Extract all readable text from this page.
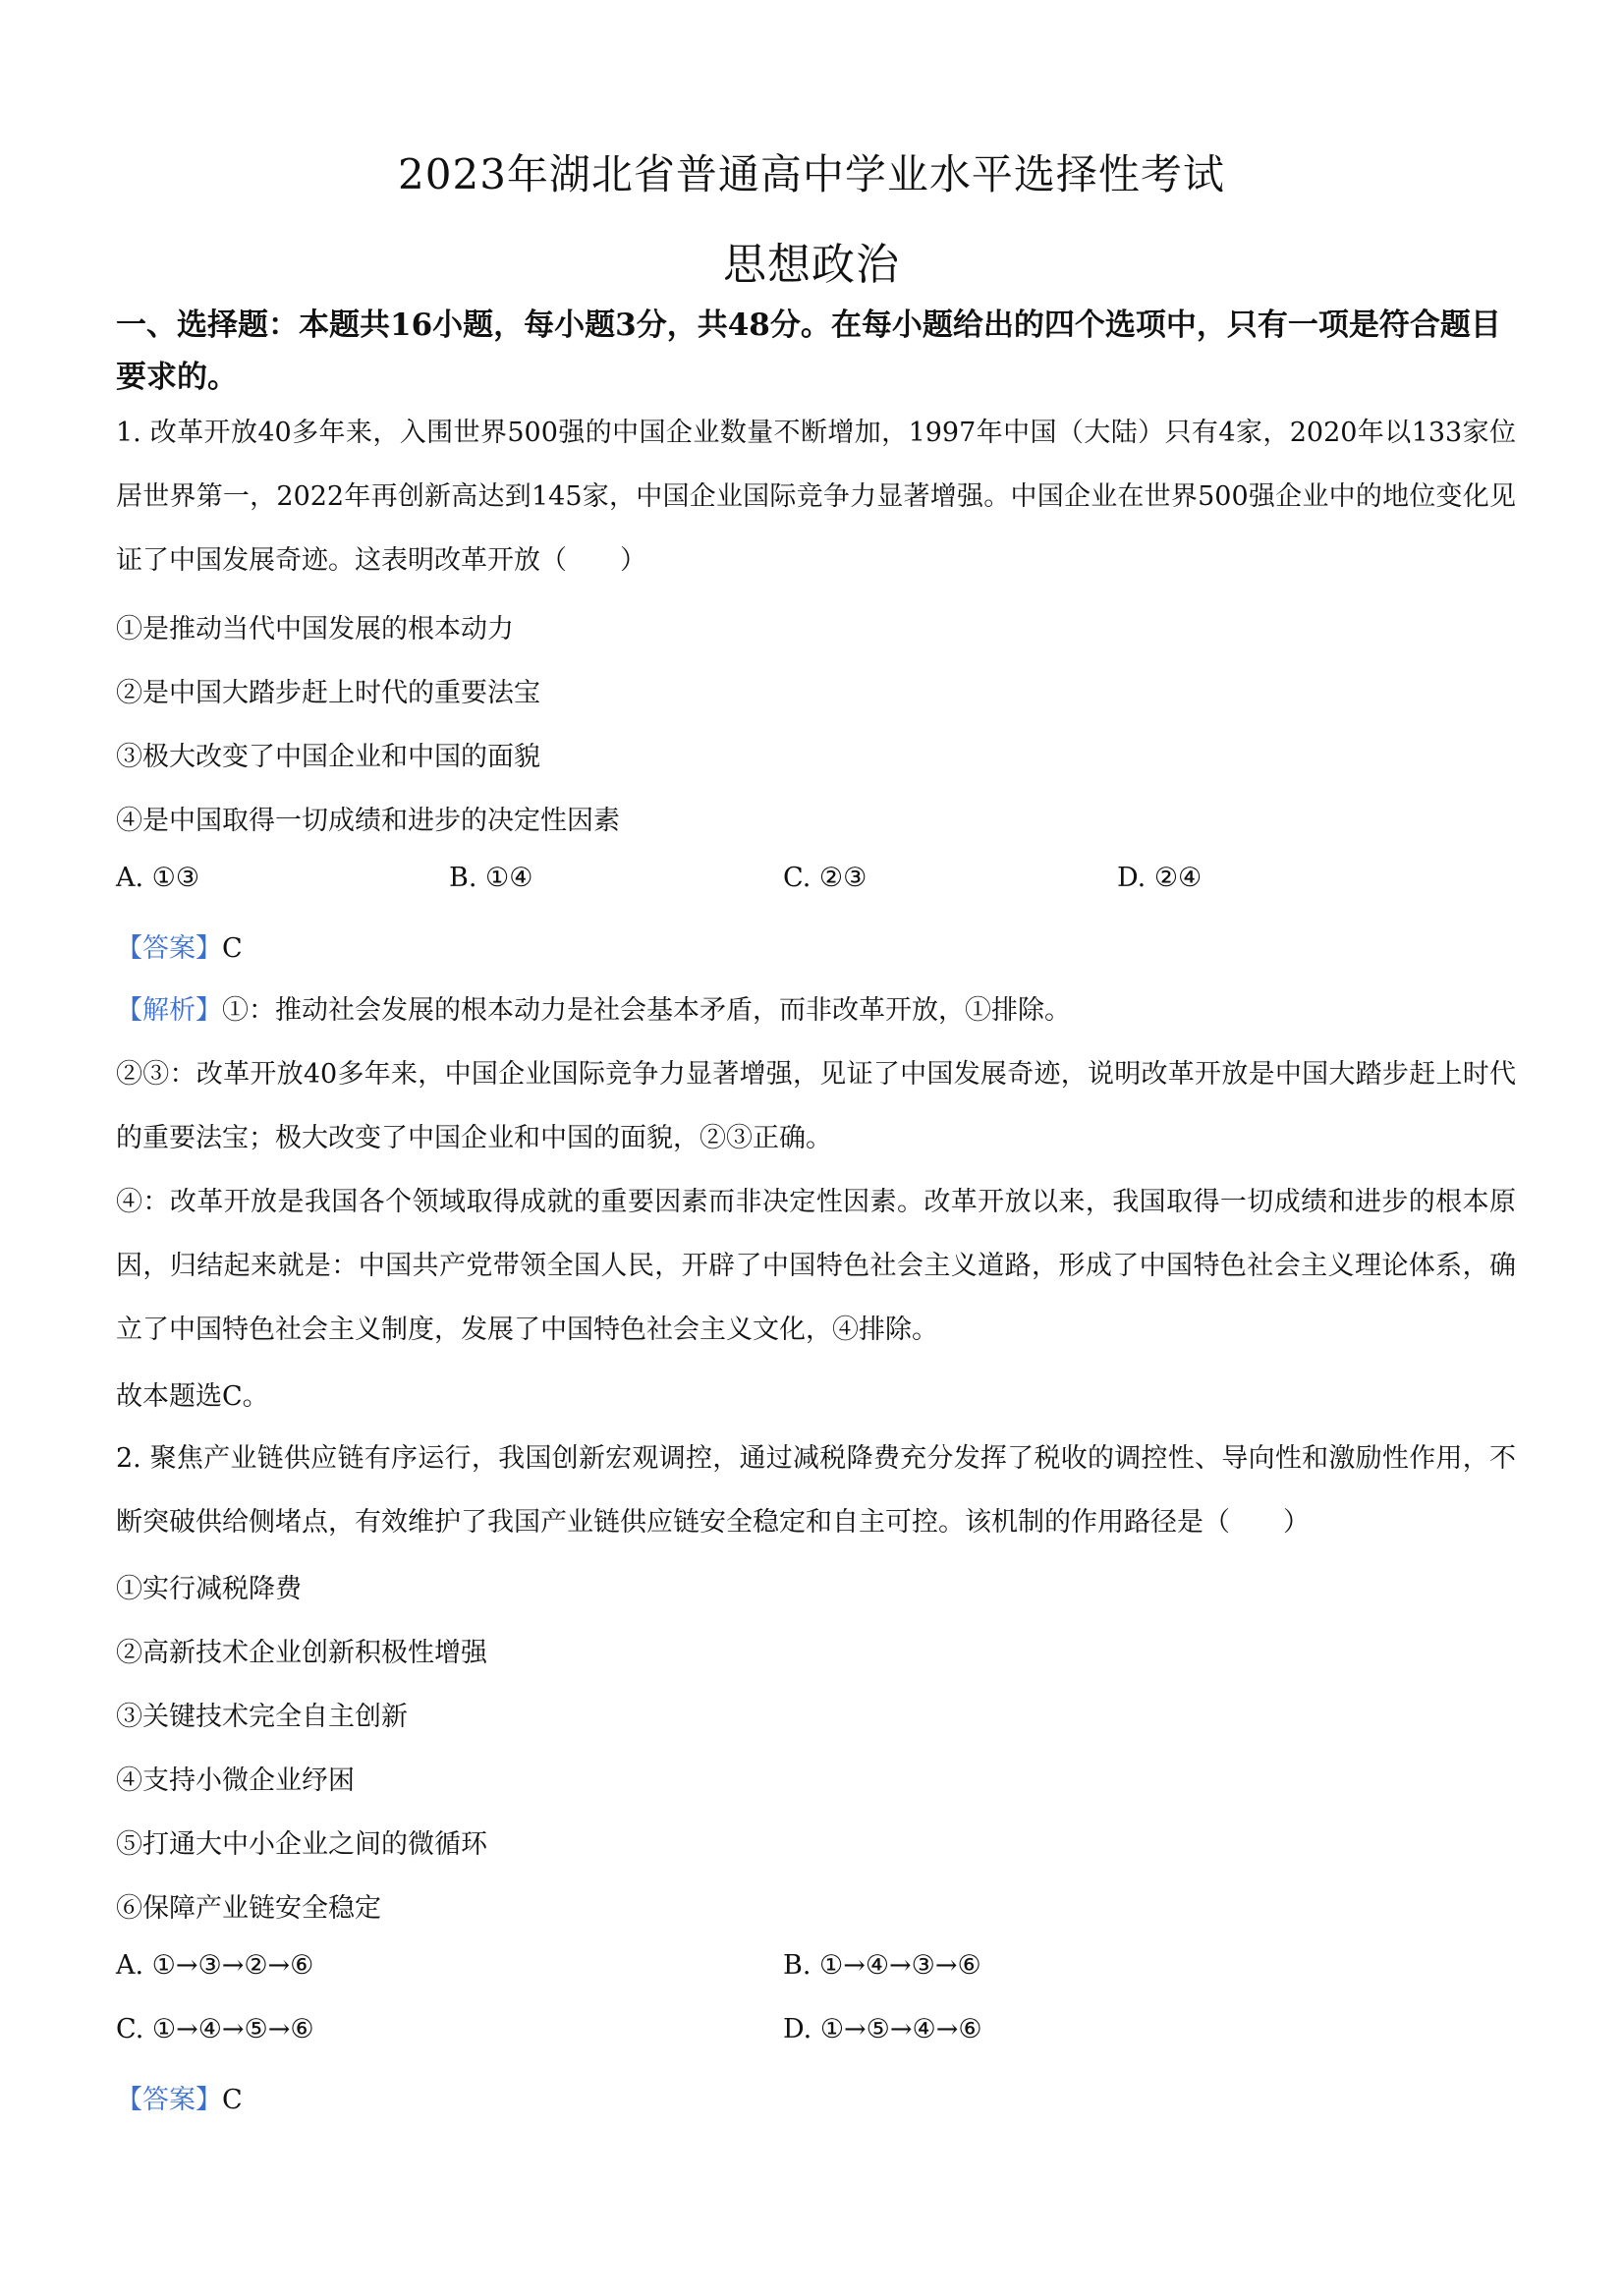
2023年湖北省普通高中学业水平选择性考试
思想政治
一、选择题：本题共16小题，每小题3分，共48分。在每小题给出的四个选项中，只有一项是符合题目要求的。
1. 改革开放40多年来，入围世界500强的中国企业数量不断增加，1997年中国（大陆）只有4家，2020年以133家位居世界第一，2022年再创新高达到145家，中国企业国际竞争力显著增强。中国企业在世界500强企业中的地位变化见证了中国发展奇迹。这表明改革开放（　　）
①是推动当代中国发展的根本动力
②是中国大踏步赶上时代的重要法宝
③极大改变了中国企业和中国的面貌
④是中国取得一切成绩和进步的决定性因素
A. ①③	B. ①④	C. ②③	D. ②④
【答案】C
【解析】①：推动社会发展的根本动力是社会基本矛盾，而非改革开放，①排除。
②③：改革开放40多年来，中国企业国际竞争力显著增强，见证了中国发展奇迹，说明改革开放是中国大踏步赶上时代的重要法宝；极大改变了中国企业和中国的面貌，②③正确。
④：改革开放是我国各个领域取得成就的重要因素而非决定性因素。改革开放以来，我国取得一切成绩和进步的根本原因，归结起来就是：中国共产党带领全国人民，开辟了中国特色社会主义道路，形成了中国特色社会主义理论体系，确立了中国特色社会主义制度，发展了中国特色社会主义文化，④排除。
故本题选C。
2. 聚焦产业链供应链有序运行，我国创新宏观调控，通过减税降费充分发挥了税收的调控性、导向性和激励性作用，不断突破供给侧堵点，有效维护了我国产业链供应链安全稳定和自主可控。该机制的作用路径是（　　）
①实行减税降费
②高新技术企业创新积极性增强
③关键技术完全自主创新
④支持小微企业纾困
⑤打通大中小企业之间的微循环
⑥保障产业链安全稳定
A. ①→③→②→⑥	B. ①→④→③→⑥
C. ①→④→⑤→⑥	D. ①→⑤→④→⑥
【答案】C
